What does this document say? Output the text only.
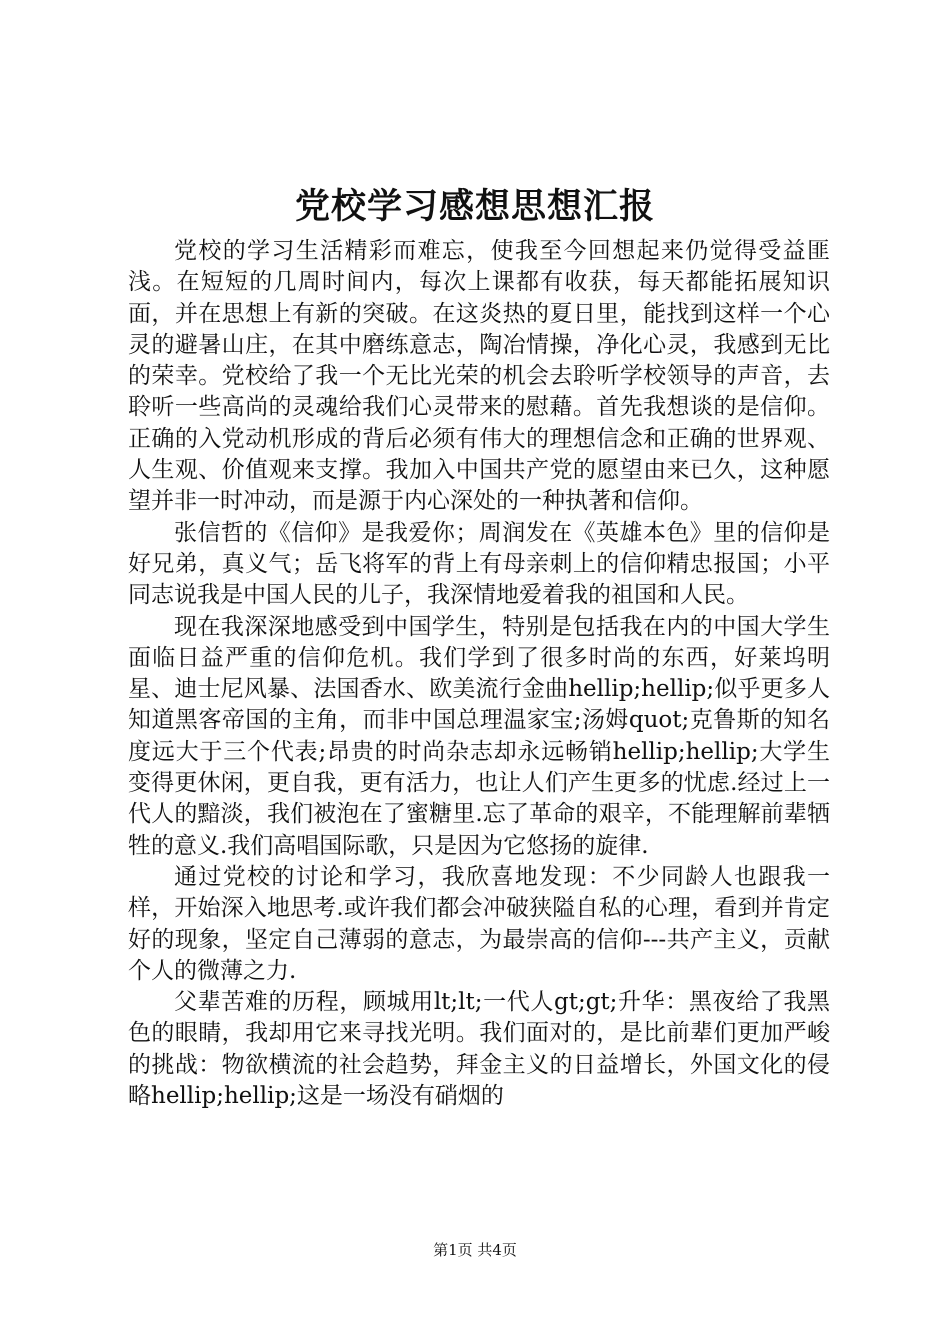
党校学习感想思想汇报

党校的学习生活精彩而难忘，使我至今回想起来仍觉得受益匪浅。在短短的几周时间内，每次上课都有收获，每天都能拓展知识面，并在思想上有新的突破。在这炎热的夏日里，能找到这样一个心灵的避暑山庄，在其中磨练意志，陶冶情操，净化心灵，我感到无比的荣幸。党校给了我一个无比光荣的机会去聆听学校领导的声音，去聆听一些高尚的灵魂给我们心灵带来的慰藉。首先我想谈的是信仰。正确的入党动机形成的背后必须有伟大的理想信念和正确的世界观、人生观、价值观来支撑。我加入中国共产党的愿望由来已久，这种愿望并非一时冲动，而是源于内心深处的一种执著和信仰。

张信哲的《信仰》是我爱你；周润发在《英雄本色》里的信仰是好兄弟，真义气；岳飞将军的背上有母亲刺上的信仰精忠报国；小平同志说我是中国人民的儿子，我深情地爱着我的祖国和人民。

现在我深深地感受到中国学生，特别是包括我在内的中国大学生面临日益严重的信仰危机。我们学到了很多时尚的东西，好莱坞明星、迪士尼风暴、法国香水、欧美流行金曲hellip;hellip;似乎更多人知道黑客帝国的主角，而非中国总理温家宝;汤姆quot;克鲁斯的知名度远大于三个代表;昂贵的时尚杂志却永远畅销hellip;hellip;大学生变得更休闲，更自我，更有活力，也让人们产生更多的忧虑.经过上一代人的黯淡，我们被泡在了蜜糖里.忘了革命的艰辛，不能理解前辈牺牲的意义.我们高唱国际歌，只是因为它悠扬的旋律.

通过党校的讨论和学习，我欣喜地发现：不少同龄人也跟我一样，开始深入地思考.或许我们都会冲破狭隘自私的心理，看到并肯定好的现象，坚定自己薄弱的意志，为最崇高的信仰---共产主义，贡献个人的微薄之力.

父辈苦难的历程，顾城用lt;lt;一代人gt;gt;升华：黑夜给了我黑色的眼睛，我却用它来寻找光明。我们面对的，是比前辈们更加严峻的挑战：物欲横流的社会趋势，拜金主义的日益增长，外国文化的侵略hellip;hellip;这是一场没有硝烟的

第1页 共4页
